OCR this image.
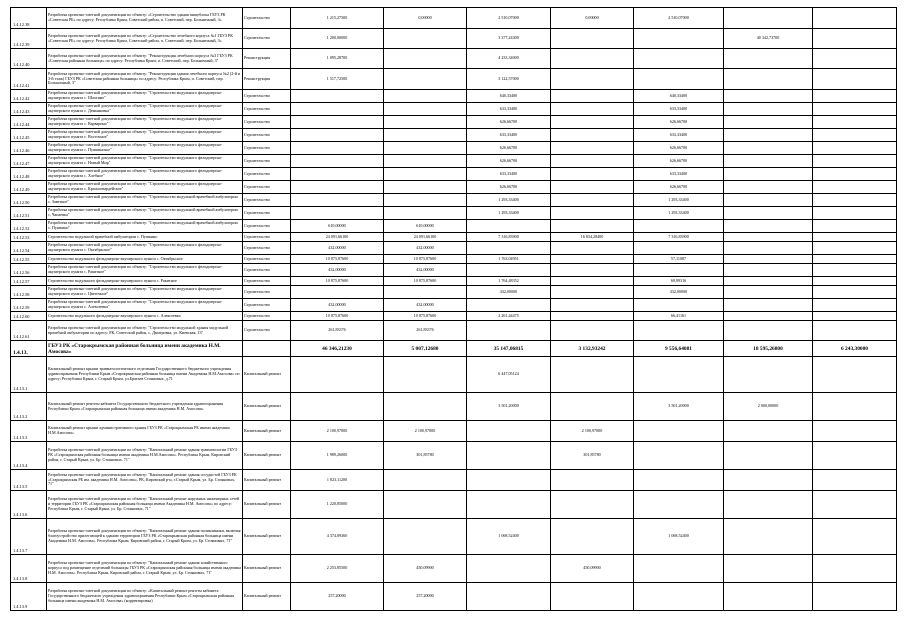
1.4.12.38	Разработка проектно-сметной документации по объекту: «Строительство здания пищеблока ГБУЗ РК «Советская РБ» по адресу: Республика Крым, Советский район, п. Советский, пер. Больничный, 3»	Строительство	1 215,27500	0,00000	2 510,07000	0,00000	2 510,07000		
1.4.12.39	Разработка проектно-сметной документации по объекту: «Строительство лечебного корпуса №1 ГБУЗ РК «Советская РБ» по адресу: Республика Крым, Советский район, п. Советский, пер. Больничный, 3»	Строительство	1 200,00000		3 377,24300			40 342,73700	
1.4.12.40	Разработка проектно-сметной документации по объекту: "Реконструкция лечебного корпуса №3 ГБУЗ РК «Советская районная больница» по адресу: Республика Крым, п. Советский, пер. Больничный, 3"	Реконструкция	1 095,28700		4 233,34000				
1.4.12.41	Разработка проектно-сметной документации по объекту: "Реконструкция здания лечебного корпуса №2 (2-й и 3-й этаж) ГБУЗ РК «Советская районная больница» по адресу: Республика Крым, п. Советский, пер. Больничный, 3"	Реконструкция	1 517,72500		3 122,57000				
1.4.12.42	Разработка проектно-сметной документации по объекту: "Строительство модульного фельдшерско-акушерского пункта с. Шахтино"	Строительство			640,33400		640,33400		
1.4.12.43	Разработка проектно-сметной документации по объекту: "Строительство модульного фельдшерско-акушерского пункта с. Демьяновка"	Строительство			633,33400		633,33400		
1.4.12.44	Разработка проектно-сметной документации по объекту: "Строительство модульного фельдшерско-акушерского пункта с. Варварино"	Строительство			626,66700		626,66700		
1.4.12.45	Разработка проектно-сметной документации по объекту: "Строительство модульного фельдшерско-акушерского пункта с. Восточное"	Строительство			633,33400		633,33400		
1.4.12.46	Разработка проектно-сметной документации по объекту: "Строительство модульного фельдшерско-акушерского пункта с. Пушкинское"	Строительство			626,66700		626,66700		
1.4.12.47	Разработка проектно-сметной документации по объекту: "Строительство модульного фельдшерско-акушерского пункта с. Новый Мир"	Строительство			626,66700		626,66700		
1.4.12.48	Разработка проектно-сметной документации по объекту: "Строительство модульного фельдшерско-акушерского пункта с. Хлебное"	Строительство			633,33400		633,33400		
1.4.12.49	Разработка проектно-сметной документации по объекту: "Строительство модульного фельдшерско-акушерского пункта с. Красногвардейское"	Строительство			626,66700		626,66700		
1.4.12.50	Разработка проектно-сметной документации по объекту: "Строительство модульной врачебной амбулатории с. Заветное"	Строительство			1 293,33400		1 293,33400		
1.4.12.51	Разработка проектно-сметной документации по объекту: "Строительство модульной врачебной амбулатории с. Чапаевка"	Строительство			1 293,33400		1 293,33400		
1.4.12.52	Разработка проектно-сметной документации по объекту: "Строительство модульной врачебной амбулатории с. Пушкино"	Строительство	610,00000	610,00000					
1.4.12.53	Строительство модульной врачебной амбулатории с. Пушкино	Строительство	24 091,66100	24 091,66100	7 316,83900	16 834,28400	7 316,83900		
1.4.12.54	Разработка проектно-сметной документации по объекту: "Строительство модульного фельдшерско-акушерского пункта с. Октябрьское"	Строительство	432,00000	432,00000					
1.4.12.55	Строительство модульного фельдшерско-акушерского пункта с. Октябрьское	Строительство	10 875,87600	10 875,87600	1 763,04951		57,11087		
1.4.12.56	Разработка проектно-сметной документации по объекту: "Строительство модульного фельдшерско-акушерского пункта с. Ракитное"	Строительство	432,00000	432,00000					
1.4.12.57	Строительство модульного фельдшерско-акушерского пункта с. Ракитное	Строительство	10 875,87600	10 875,87600	1 764,48352		69,99316		
1.4.12.58	Разработка проектно-сметной документации по объекту: "Строительство модульного фельдшерско-акушерского пункта с. Цветочное"	Строительство			432,00000		432,00000		
1.4.12.59	Разработка проектно-сметной документации по объекту: "Строительство модульного фельдшерско-акушерского пункта с. Алексеевка"	Строительство	432,00000	432,00000					
1.4.12.60	Строительство модульного фельдшерско-акушерского пункта с. Алексеевка	Строительство	10 875,87600	10 875,87600	2 261,44475		66,41161		
1.4.12.61	Разработка проектно-сметной документации по объекту: "Строительство модульной здания модульной врачебной амбулатории по адресу: РК, Советский район, с. Дмитровка, ул. Киевская, 13"	Строительство	261,83376	261,83376					
1.4.13.	ГБУЗ РК «Старокрымская районная больница имени академика Н.М. Амосова»		46 346,21230	5 007,12680	35 147,06815	3 132,93242	9 556,64081	18 595,26800	6 243,30000
1.4.13.1	Капитальный ремонт крыши травматологического отделения Государственного бюджетного учреждения здравоохранения Республики Крым «Старокрымская районная больница имени Академика Н.М.Амосова» по адресу: Республика Крым, г. Старый Крым, ул.Братьев Стояновых, д.71	Капитальный ремонт			6 447,05124				
1.4.13.2	Капитальный ремонт рентген кабинета Государственного бюджетного учреждения здравоохранения Республики Крым «Старокрымская районная больница имени академика Н.М. Амосова»	Капитальный ремонт			3 501,20000		3 501,20000	2 000,00000	
1.4.13.3	Капитальный ремонт крыши административного здания ГБУЗ РК «Старокрымская РБ имени академика Н.М.Амосова»	Капитальный ремонт	2 100,97000	2 100,97000		2 100,97000			
1.4.13.4	Разработка проектно-сметной документации по объекту: "Капитальный ремонт здания травматологии ГБУЗ РК «Старокрымская районная больница имени академика Н.М.Амосова». Республика Крым, Кировский район, г. Старый Крым, ул. Бр. Стояновых, 71"	Капитальный ремонт	1 989,26000	301,85780		301,85780			
1.4.13.5	Разработка проектно-сметной документации по объекту: "Капитальный ремонт здания сосудистой ГБУЗ РК «Старокрымская РБ им. академика Н.М. Амосова», РК, Кировский р-н, г.Старый Крым, ул. Бр. Стояновых, 71"	Капитальный ремонт	1 823,11200						
1.4.13.6	Разработка проектно-сметной документации по объекту: "Капитальный ремонт наружных инженерных сетей и территории ГБУЗ РК «Старокрымская районная больница имени Академика Н.М. Амосова» по адресу: Республика Крым, г. Старый Крым, ул. Бр. Стояновых, 71"	Капитальный ремонт	1 220,85000						
1.4.13.7	Разработка проектно-сметной документации по объекту: "Капитальный ремонт здания поликлиники, включая благоустройство прилегающей к зданию территории ГБУЗ РК «Старокрымская районная больница имени Академика Н.М. Амосова». Республика Крым, Кировский район, г. Старый Крым, ул. Бр. Стояновых, 71"	Капитальный ремонт	4 374,09360		1 068,52400		1 068,52400		
1.4.13.8	Разработка проектно-сметной документации по объекту: "Капитальный ремонт здания хозяйственного корпуса под размещение отделений больницы ГБУЗ РК «Старокрымская районная больница имени академика Н.М. Амосова». Республика Крым, Кировский район, г. Старый Крым, ул. Бр. Стояновых, 71"	Капитальный ремонт	2 253,85500	450,09900		450,09900			
1.4.13.9	Разработка проектно-сметной документации по объекту: «Капитальный ремонт рентген кабинета Государственного бюджетного учреждения здравоохранения Республики Крым «Старокрымская районная больница имени академика Н.М. Амосова» (корректировка)	Капитальный ремонт	257,20000	257,20000					
